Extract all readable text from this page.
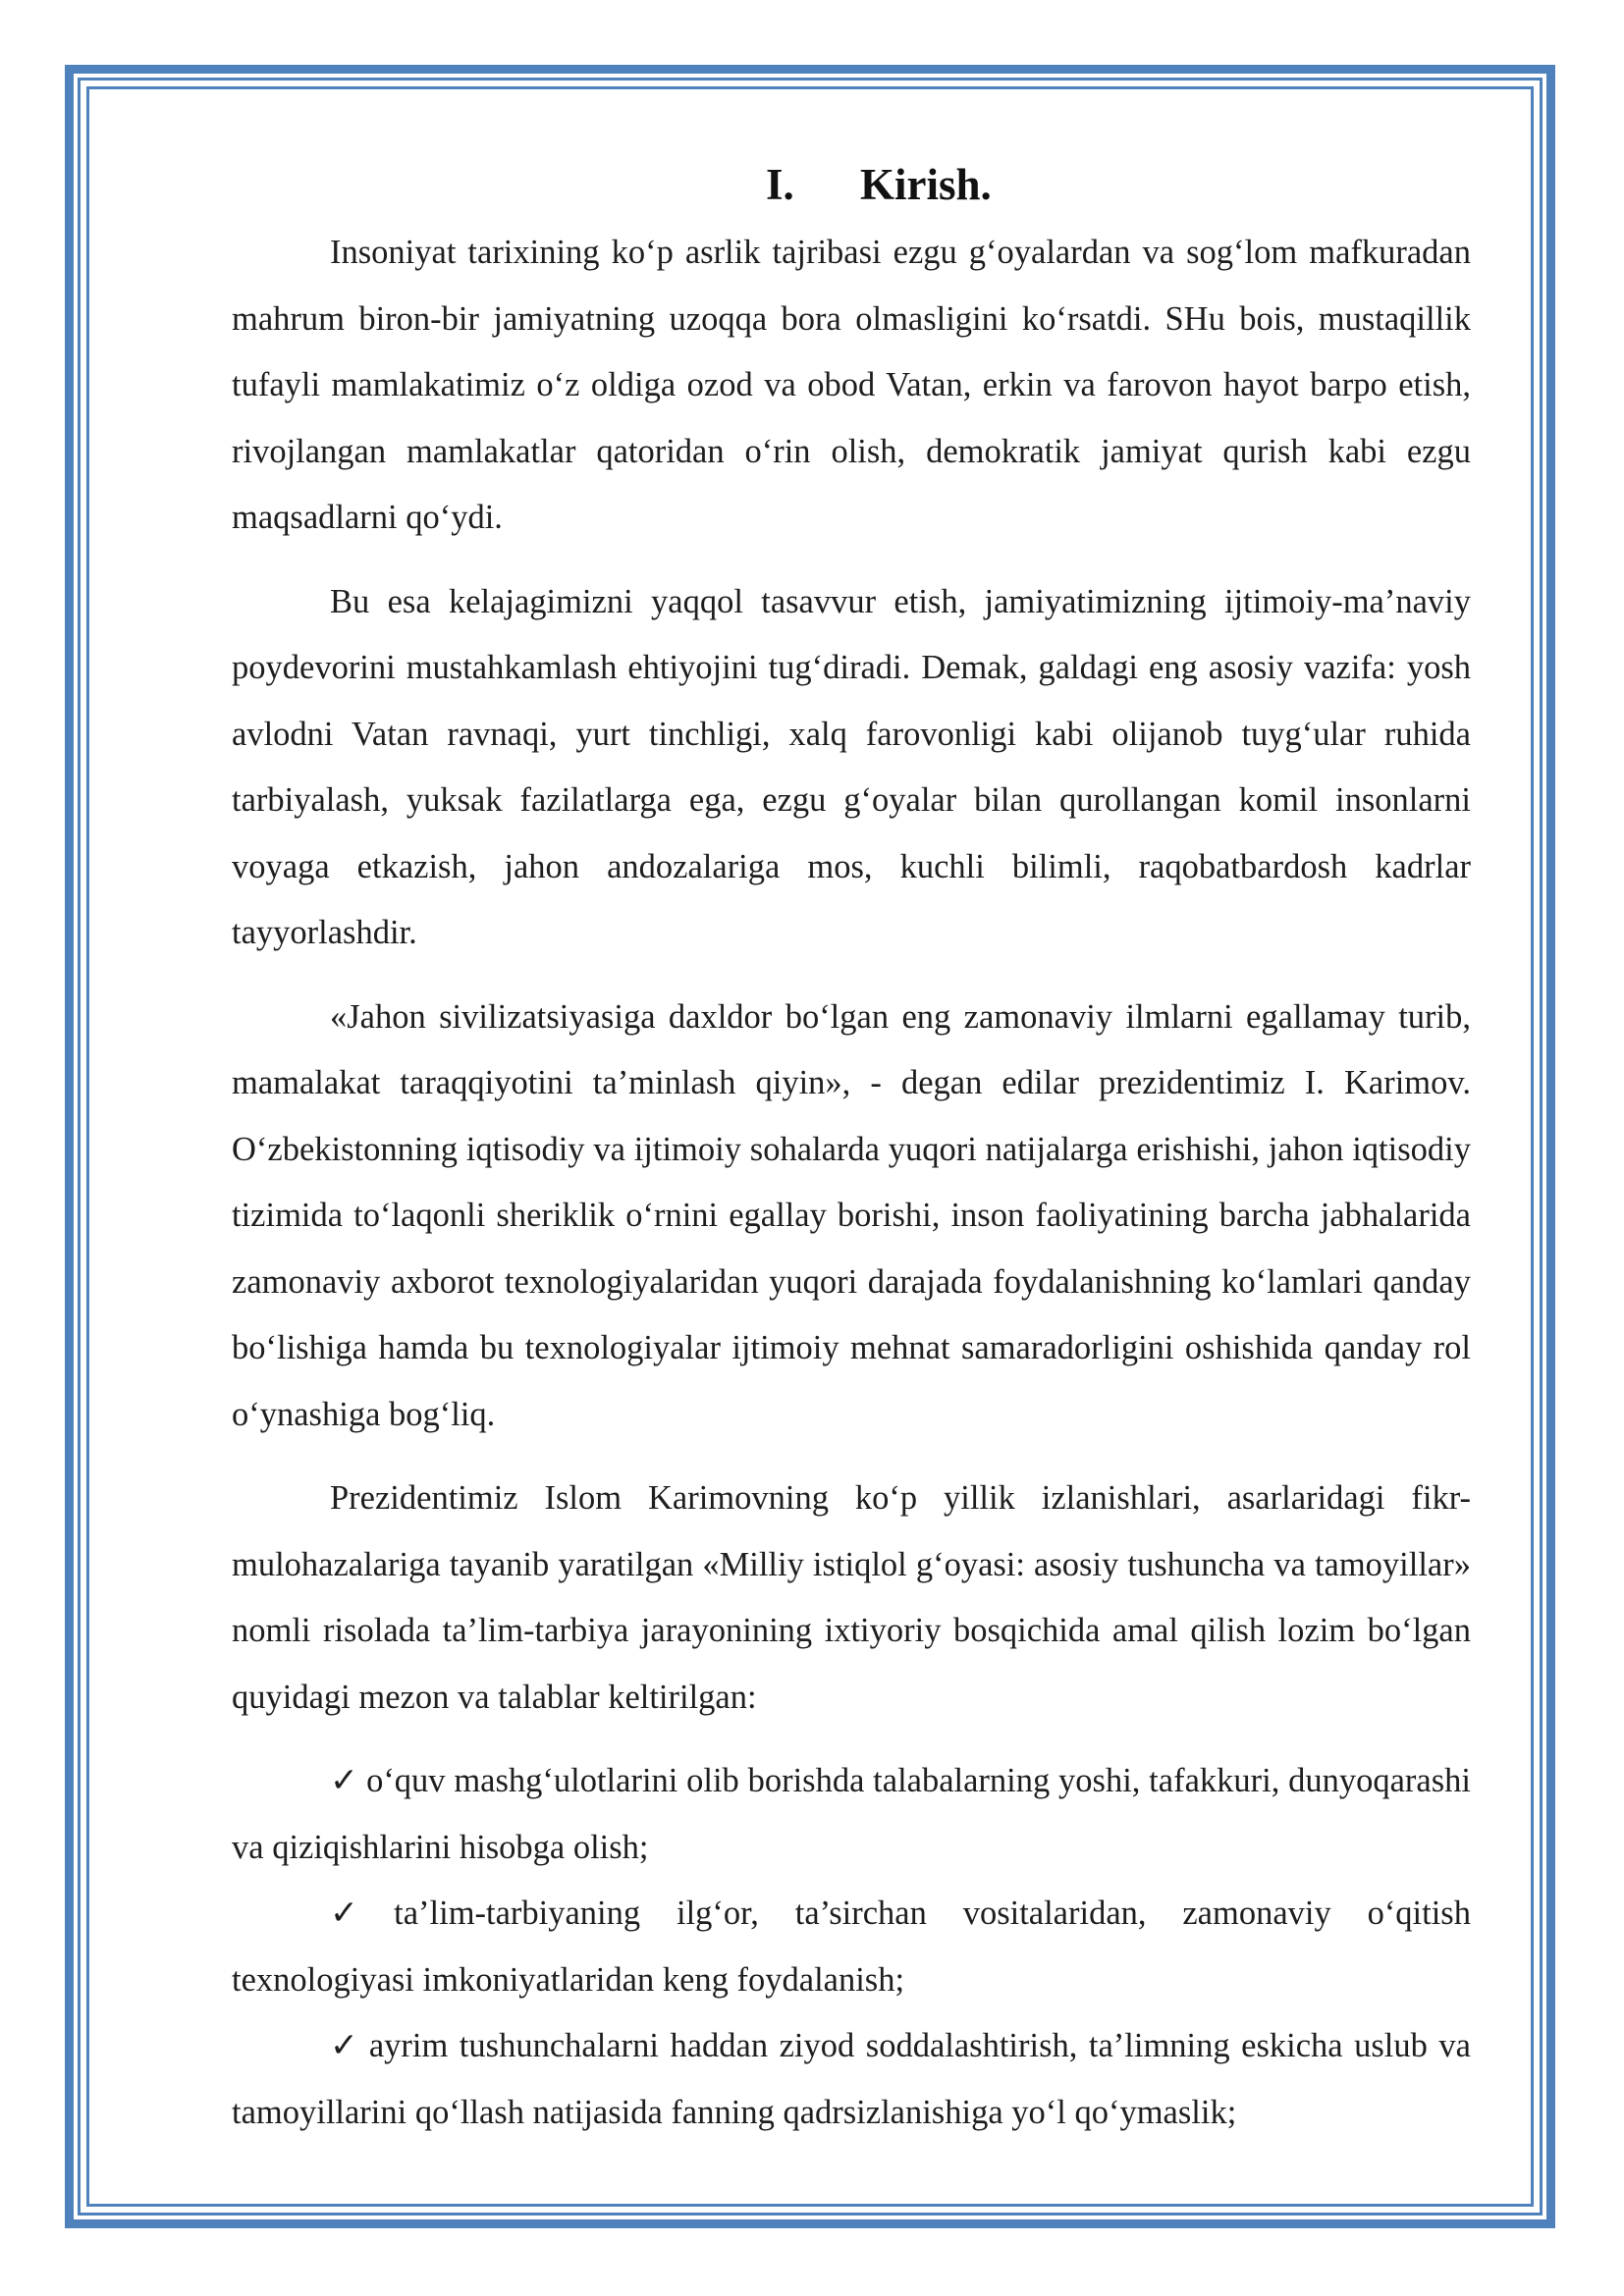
I. Kirish.

Insoniyat tarixining ko‘p asrlik tajribasi ezgu g‘oyalardan va sog‘lom mafkuradan mahrum biron-bir jamiyatning uzoqqa bora olmasligini ko‘rsatdi. SHu bois, mustaqillik tufayli mamlakatimiz o‘z oldiga ozod va obod Vatan, erkin va farovon hayot barpo etish, rivojlangan mamlakatlar qatoridan o‘rin olish, demokratik jamiyat qurish kabi ezgu maqsadlarni qo‘ydi.

Bu esa kelajagimizni yaqqol tasavvur etish, jamiyatimizning ijtimoiy-ma’naviy poydevorini mustahkamlash ehtiyojini tug‘diradi. Demak, galdagi eng asosiy vazifa: yosh avlodni Vatan ravnaqi, yurt tinchligi, xalq farovonligi kabi olijanob tuyg‘ular ruhida tarbiyalash, yuksak fazilatlarga ega, ezgu g‘oyalar bilan qurollangan komil insonlarni voyaga etkazish, jahon andozalariga mos, kuchli bilimli, raqobatbardosh kadrlar tayyorlashdir.

«Jahon sivilizatsiyasiga daxldor bo‘lgan eng zamonaviy ilmlarni egallamay turib, mamalakat taraqqiyotini ta’minlash qiyin», - degan edilar prezidentimiz I. Karimov. O‘zbekistonning iqtisodiy va ijtimoiy sohalarda yuqori natijalarga erishishi, jahon iqtisodiy tizimida to‘laqonli sheriklik o‘rnini egallay borishi, inson faoliyatining barcha jabhalarida zamonaviy axborot texnologiyalaridan yuqori darajada foydalanishning ko‘lamlari qanday bo‘lishiga hamda bu texnologiyalar ijtimoiy mehnat samaradorligini oshishida qanday rol o‘ynashiga bog‘liq.

Prezidentimiz Islom Karimovning ko‘p yillik izlanishlari, asarlaridagi fikr-mulohazalariga tayanib yaratilgan «Milliy istiqlol g‘oyasi: asosiy tushuncha va tamoyillar» nomli risolada ta’lim-tarbiya jarayonining ixtiyoriy bosqichida amal qilish lozim bo‘lgan quyidagi mezon va talablar keltirilgan:

✓ o‘quv mashg‘ulotlarini olib borishda talabalarning yoshi, tafakkuri, dunyoqarashi va qiziqishlarini hisobga olish;
✓ ta’lim-tarbiyaning ilg‘or, ta’sirchan vositalaridan, zamonaviy o‘qitish texnologiyasi imkoniyatlaridan keng foydalanish;
✓ ayrim tushunchalarni haddan ziyod soddalashtirish, ta’limning eskicha uslub va tamoyillarini qo‘llash natijasida fanning qadrsizlanishiga yo‘l qo‘ymaslik;
